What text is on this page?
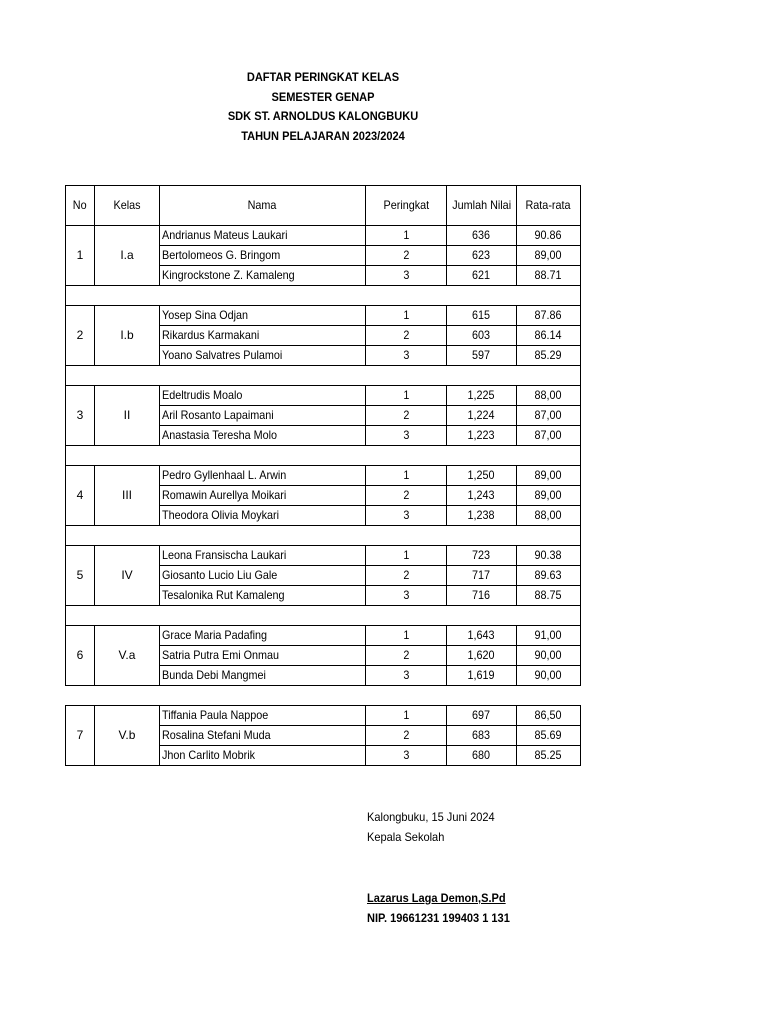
DAFTAR PERINGKAT KELAS
SEMESTER GENAP
SDK ST. ARNOLDUS KALONGBUKU
TAHUN PELAJARAN 2023/2024
No	Kelas	Nama	Peringkat	Jumlah Nilai	Rata-rata
1	I.a	Andrianus Mateus Laukari	1	636	90.86
		Bertolomeos G. Bringom	2	623	89,00
		Kingrockstone Z. Kamaleng	3	621	88.71

2	I.b	Yosep Sina Odjan	1	615	87.86
		Rikardus Karmakani	2	603	86.14
		Yoano Salvatres Pulamoi	3	597	85.29

3	II	Edeltrudis Moalo	1	1,225	88,00
		Aril Rosanto Lapaimani	2	1,224	87,00
		Anastasia Teresha Molo	3	1,223	87,00

4	III	Pedro Gyllenhaal L. Arwin	1	1,250	89,00
		Romawin Aurellya Moikari	2	1,243	89,00
		Theodora Olivia Moykari	3	1,238	88,00

5	IV	Leona Fransischa Laukari	1	723	90.38
		Giosanto Lucio Liu Gale	2	717	89.63
		Tesalonika Rut Kamaleng	3	716	88.75

6	V.a	Grace Maria Padafing	1	1,643	91,00
		Satria Putra Emi Onmau	2	1,620	90,00
		Bunda Debi Mangmei	3	1,619	90,00

7	V.b	Tiffania Paula Nappoe	1	697	86,50
		Rosalina Stefani Muda	2	683	85.69
		Jhon Carlito Mobrik	3	680	85.25
Kalongbuku, 15 Juni 2024
Kepala Sekolah
Lazarus Laga Demon,S.Pd
NIP. 19661231 199403 1 131
